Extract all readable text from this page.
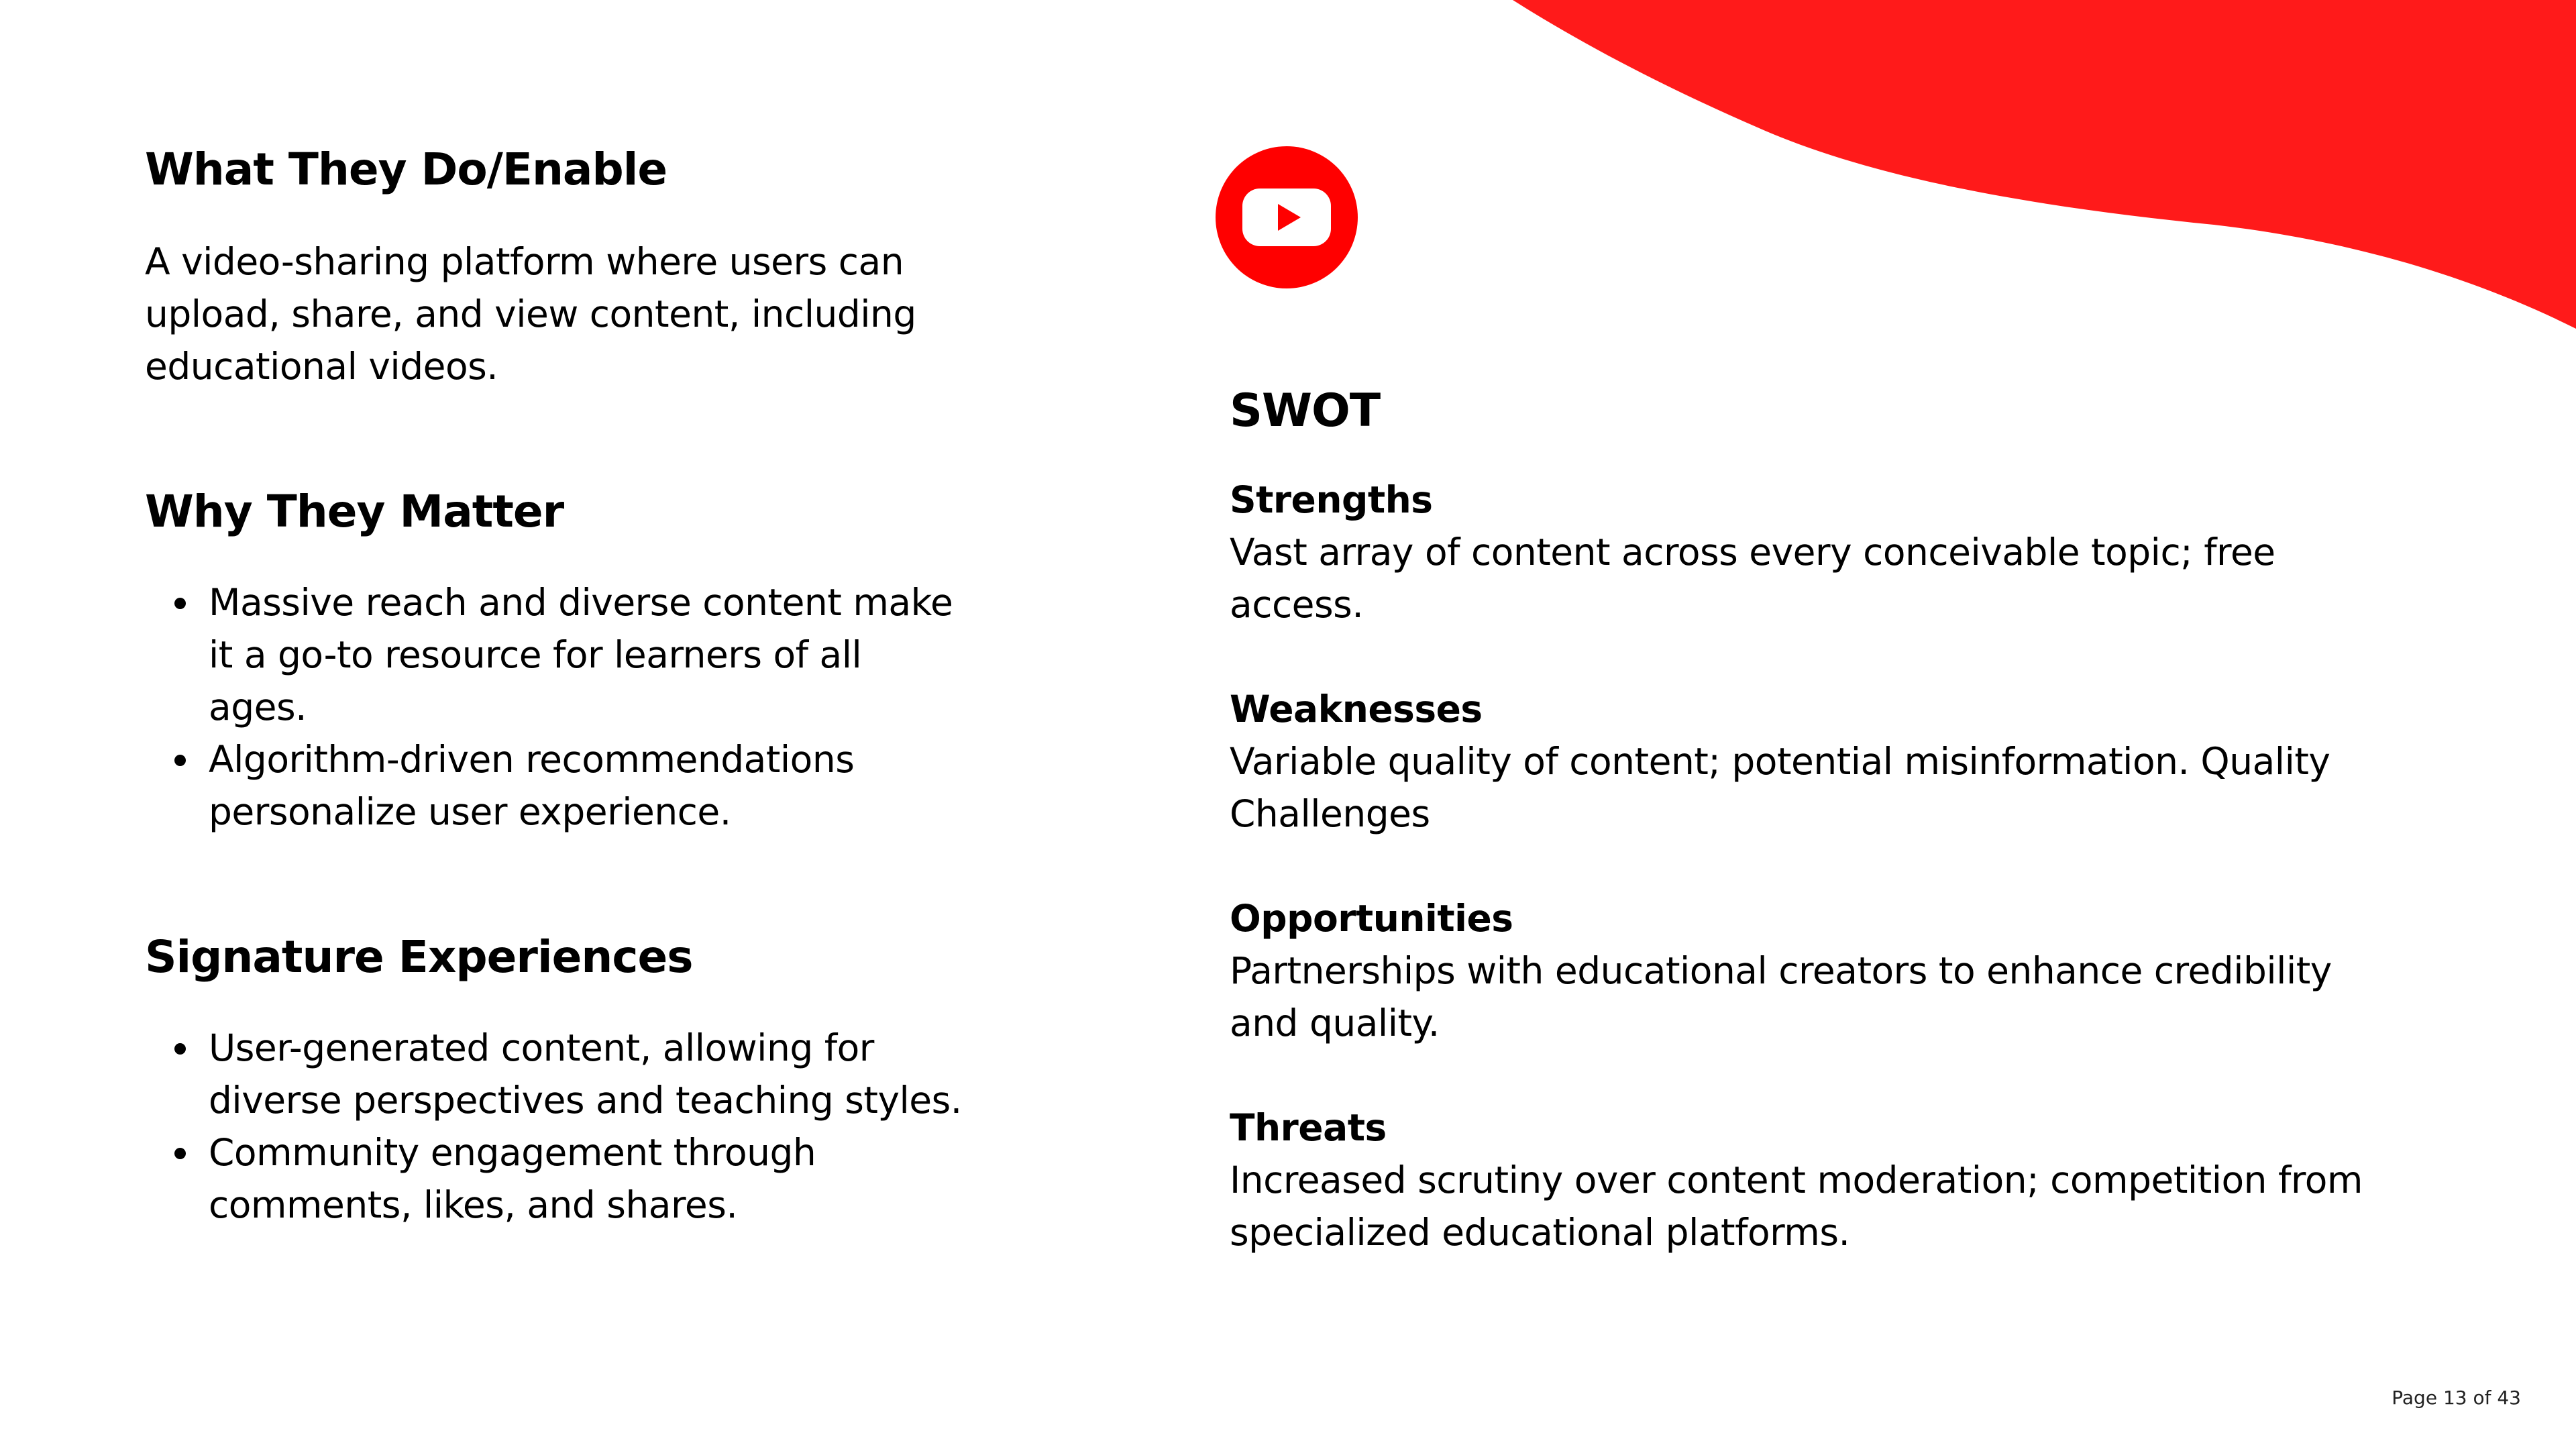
What They Do/Enable

A video-sharing platform where users can upload, share, and view content, including educational videos.

Why They Matter
Massive reach and diverse content make it a go-to resource for learners of all ages.
Algorithm-driven recommendations personalize user experience.
Signature Experiences
User-generated content, allowing for diverse perspectives and teaching styles.
Community engagement through comments, likes, and shares.
SWOT
Strengths
Vast array of content across every conceivable topic; free access.
Weaknesses
Variable quality of content; potential misinformation. Quality Challenges
Opportunities
Partnerships with educational creators to enhance credibility and quality.
Threats
Increased scrutiny over content moderation; competition from specialized educational platforms.
Page 13 of 43
